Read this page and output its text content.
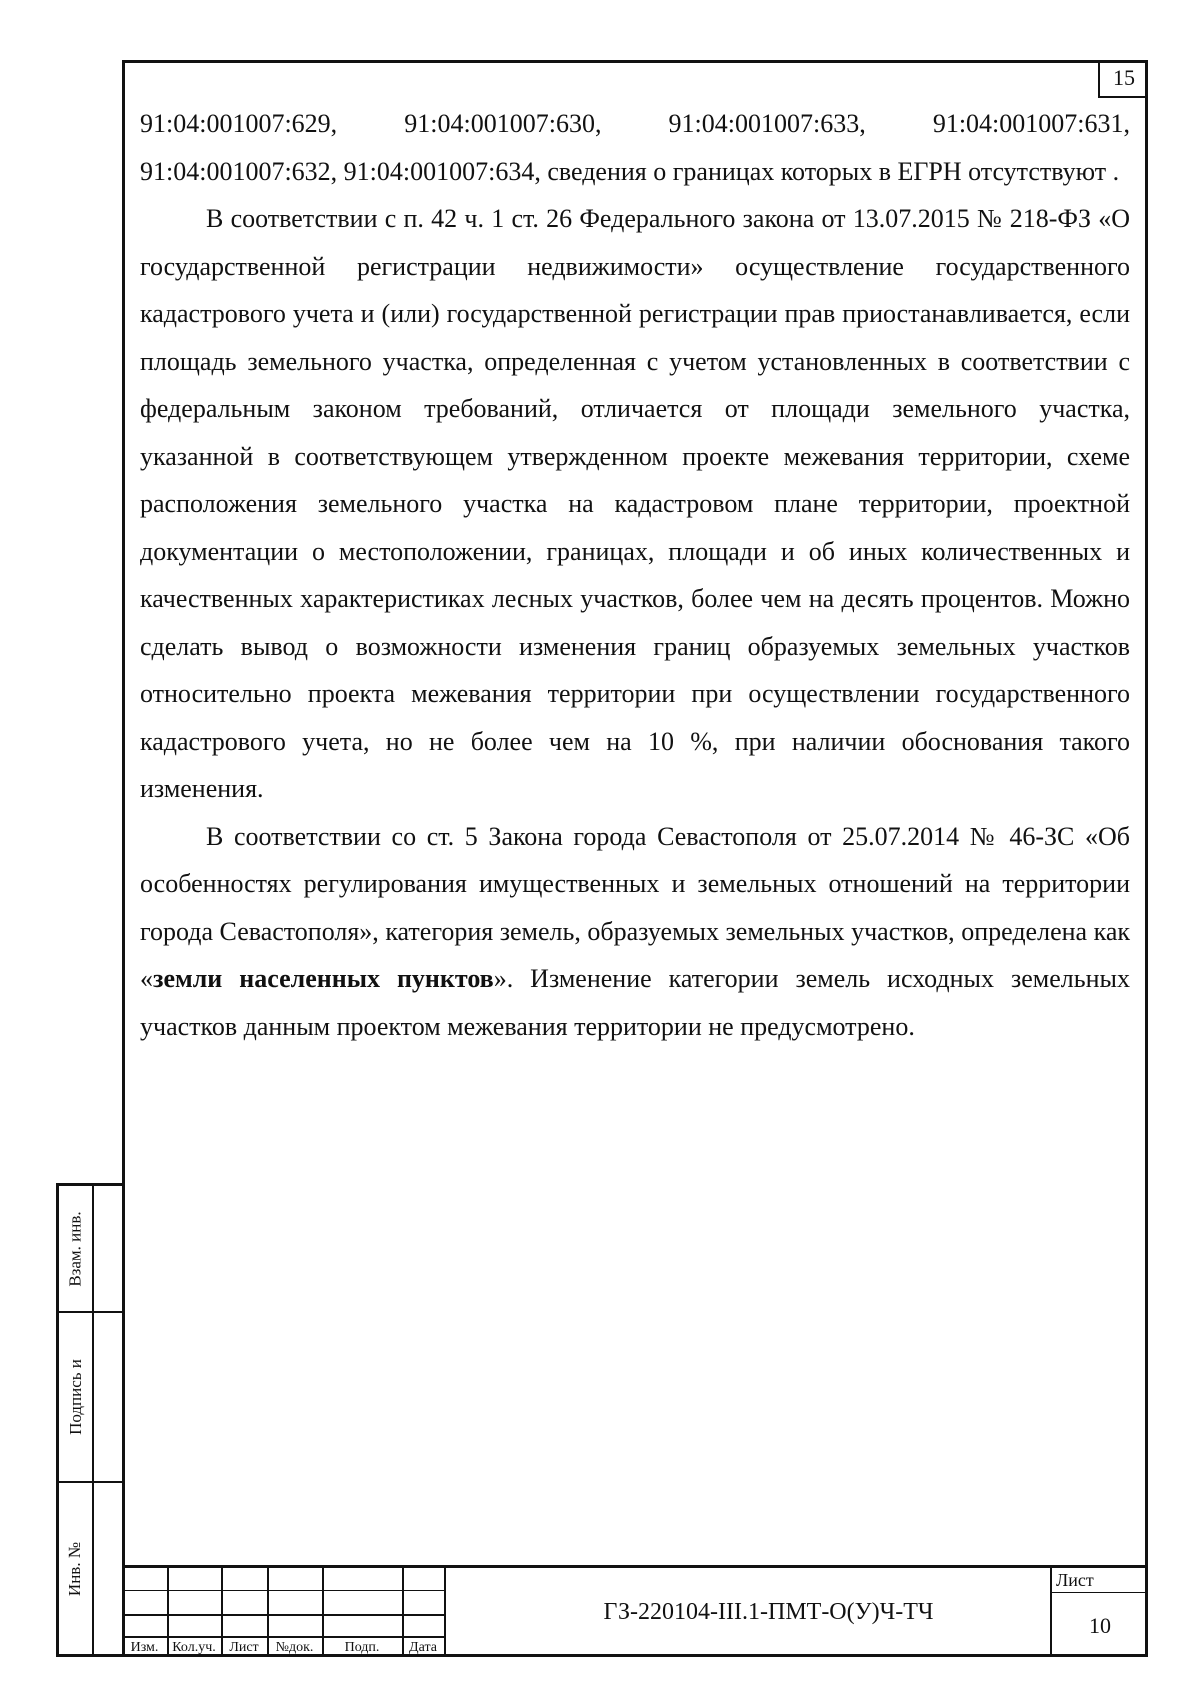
15

91:04:001007:629, 91:04:001007:630, 91:04:001007:633, 91:04:001007:631, 91:04:001007:632, 91:04:001007:634, сведения о границах которых в ЕГРН отсутствуют .

В соответствии с п. 42 ч. 1 ст. 26 Федерального закона от 13.07.2015 № 218-ФЗ «О государственной регистрации недвижимости» осуществление государственного кадастрового учета и (или) государственной регистрации прав приостанавливается, если площадь земельного участка, определенная с учетом установленных в соответствии с федеральным законом требований, отличается от площади земельного участка, указанной в соответствующем утвержденном проекте межевания территории, схеме расположения земельного участка на кадастровом плане территории, проектной документации о местоположении, границах, площади и об иных количественных и качественных характеристиках лесных участков, более чем на десять процентов. Можно сделать вывод о возможности изменения границ образуемых земельных участков относительно проекта межевания территории при осуществлении государственного кадастрового учета, но не более чем на 10 %, при наличии обоснования такого изменения.

В соответствии со ст. 5 Закона города Севастополя от 25.07.2014 № 46-ЗС «Об особенностях регулирования имущественных и земельных отношений на территории города Севастополя», категория земель, образуемых земельных участков, определена как «земли населенных пунктов». Изменение категории земель исходных земельных участков данным проектом межевания территории не предусмотрено.

Взам. инв.
Подпись и
Инв. №
Изм. Кол.уч. Лист	№док.	Подп.	Дата
ГЗ-220104-III.1-ПМТ-О(У)Ч-ТЧ
Лист
10
